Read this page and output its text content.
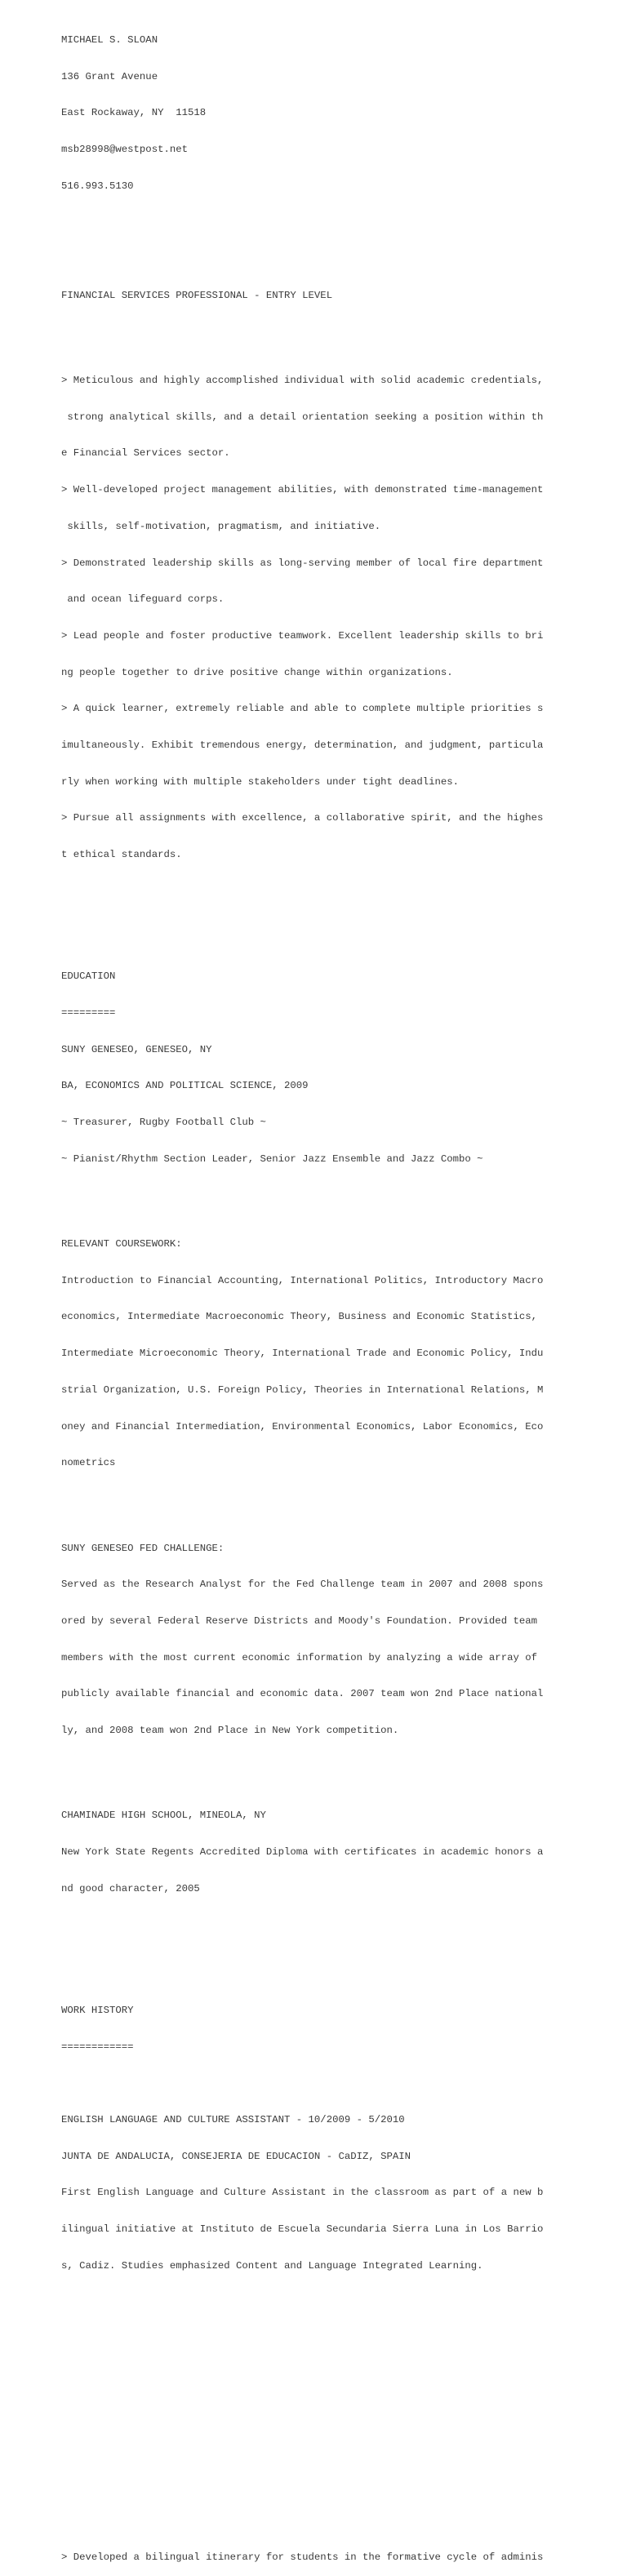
MICHAEL S. SLOAN

136 Grant Avenue

East Rockaway, NY  11518

msb28998@westpost.net

516.993.5130

FINANCIAL SERVICES PROFESSIONAL - ENTRY LEVEL

> Meticulous and highly accomplished individual with solid academic credentials,

strong analytical skills, and a detail orientation seeking a position within th

e Financial Services sector.

> Well-developed project management abilities, with demonstrated time-management

skills, self-motivation, pragmatism, and initiative.

> Demonstrated leadership skills as long-serving member of local fire department

and ocean lifeguard corps.

> Lead people and foster productive teamwork. Excellent leadership skills to bri

ng people together to drive positive change within organizations.

> A quick learner, extremely reliable and able to complete multiple priorities s

imultaneously. Exhibit tremendous energy, determination, and judgment, particula

rly when working with multiple stakeholders under tight deadlines.

> Pursue all assignments with excellence, a collaborative spirit, and the highes

t ethical standards.

EDUCATION

=========

SUNY GENESEO, GENESEO, NY

BA, ECONOMICS AND POLITICAL SCIENCE, 2009

~ Treasurer, Rugby Football Club ~

~ Pianist/Rhythm Section Leader, Senior Jazz Ensemble and Jazz Combo ~

RELEVANT COURSEWORK:

Introduction to Financial Accounting, International Politics, Introductory Macro

economics, Intermediate Macroeconomic Theory, Business and Economic Statistics,

Intermediate Microeconomic Theory, International Trade and Economic Policy, Indu

strial Organization, U.S. Foreign Policy, Theories in International Relations, M

oney and Financial Intermediation, Environmental Economics, Labor Economics, Eco

nometrics

SUNY GENESEO FED CHALLENGE:

Served as the Research Analyst for the Fed Challenge team in 2007 and 2008 spons

ored by several Federal Reserve Districts and Moody's Foundation. Provided team

members with the most current economic information by analyzing a wide array of

publicly available financial and economic data. 2007 team won 2nd Place national

ly, and 2008 team won 2nd Place in New York competition.

CHAMINADE HIGH SCHOOL, MINEOLA, NY

New York State Regents Accredited Diploma with certificates in academic honors a

nd good character, 2005

WORK HISTORY

============

ENGLISH LANGUAGE AND CULTURE ASSISTANT - 10/2009 - 5/2010

JUNTA DE ANDALUCIA, CONSEJERIA DE EDUCACION - CaDIZ, SPAIN

First English Language and Culture Assistant in the classroom as part of a new b

ilingual initiative at Instituto de Escuela Secundaria Sierra Luna in Los Barrio

s, Cadiz. Studies emphasized Content and Language Integrated Learning.

> Developed a bilingual itinerary for students in the formative cycle of adminis
